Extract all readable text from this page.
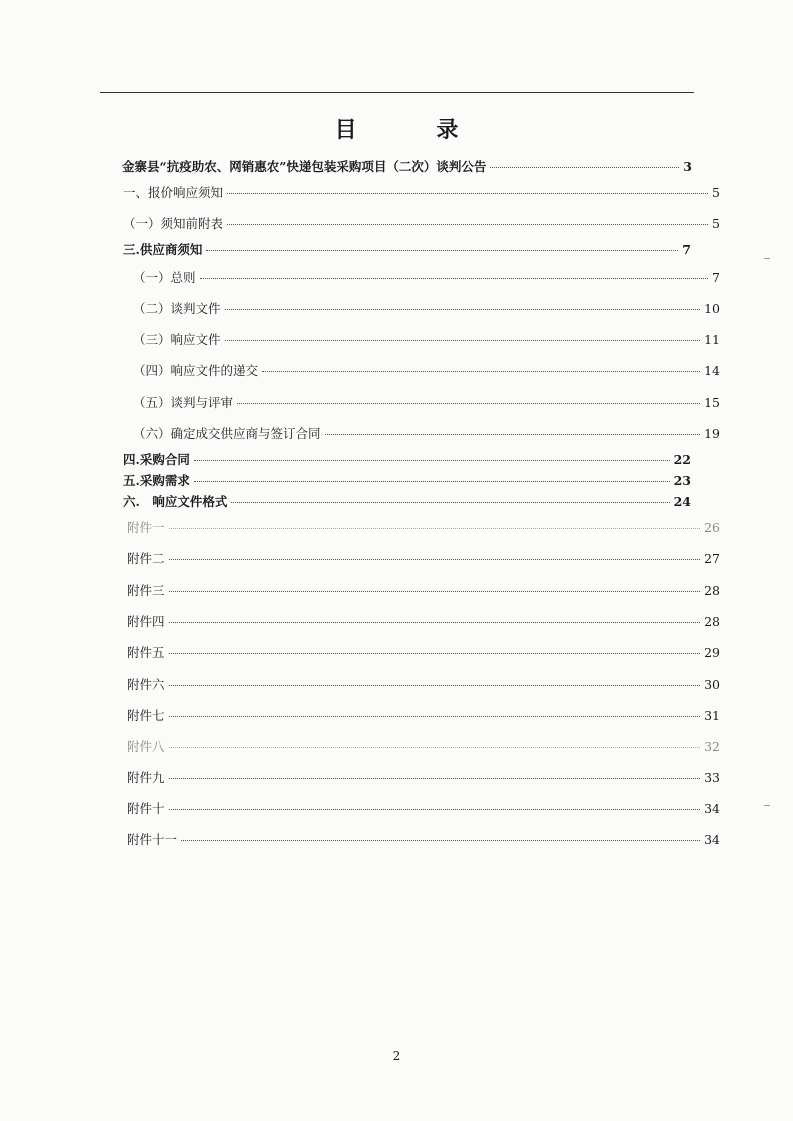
目 录
金寨县“抗疫助农、网销惠农”快递包装采购项目（二次）谈判公告	3
一、报价响应须知	5
（一）须知前附表	5
三.供应商须知	7
（一）总则	7
（二）谈判文件	10
（三）响应文件	11
（四）响应文件的递交	14
（五）谈判与评审	15
（六）确定成交供应商与签订合同	19
四.采购合同	22
五.采购需求	23
六.　响应文件格式	24
附件一	26
附件二	27
附件三	28
附件四	28
附件五	29
附件六	30
附件七	31
附件八	32
附件九	33
附件十	34
附件十一	34
2
